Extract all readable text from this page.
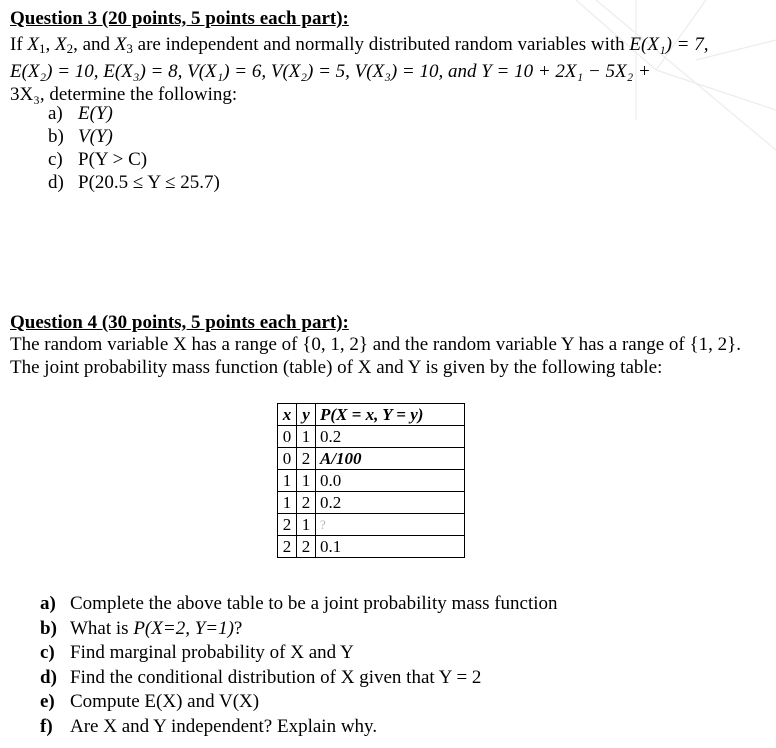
Question 3 (20 points, 5 points each part):
If $X_1$, $X_2$, and $X_3$ are independent and normally distributed random variables with E(X₁) = 7,
E(X₂) = 10, E(X₃) = 8, V(X₁) = 6, V(X₂) = 5, V(X₃) = 10, and Y = 10 + 2X₁ − 5X₂ +
3X₃, determine the following:
a) E(Y)
b) V(Y)
c) P(Y > C)
d) P(20.5 ≤ Y ≤ 25.7)
Question 4 (30 points, 5 points each part):
The random variable X has a range of {0, 1, 2} and the random variable Y has a range of {1, 2}. The joint probability mass function (table) of X and Y is given by the following table:
x	y	P(X = x, Y = y)
0	1	0.2
0	2	A/100
1	1	0.0
1	2	0.2
2	1	?
2	2	0.1
a) Complete the above table to be a joint probability mass function
b) What is P(X=2, Y=1)?
c) Find marginal probability of X and Y
d) Find the conditional distribution of X given that Y = 2
e) Compute E(X) and V(X)
f) Are X and Y independent? Explain why.
